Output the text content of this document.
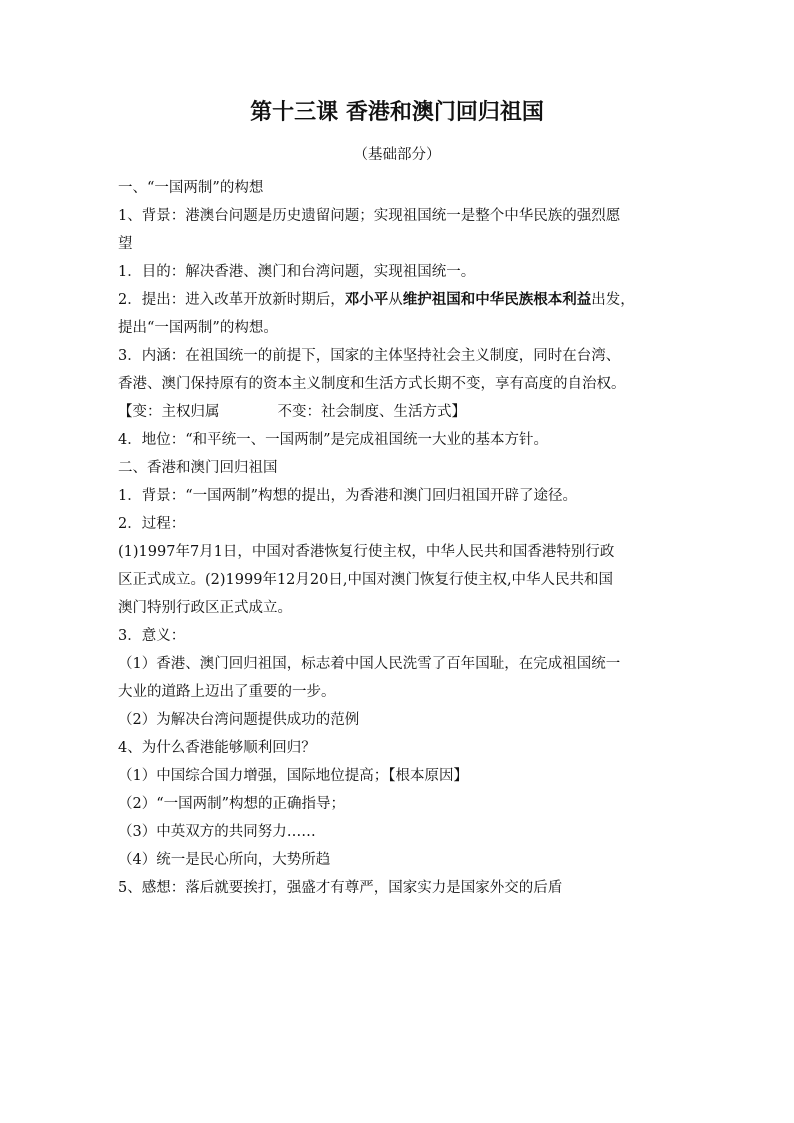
第十三课 香港和澳门回归祖国
（基础部分）
一、“一国两制”的构想
1、背景：港澳台问题是历史遗留问题；实现祖国统一是整个中华民族的强烈愿
望
1．目的：解决香港、澳门和台湾问题，实现祖国统一。
2．提出：进入改革开放新时期后，邓小平从维护祖国和中华民族根本利益出发，
提出“一国两制”的构想。
3．内涵：在祖国统一的前提下，国家的主体坚持社会主义制度，同时在台湾、
香港、澳门保持原有的资本主义制度和生活方式长期不变，享有高度的自治权。
【变：主权归属	不变：社会制度、生活方式】
4．地位：“和平统一、一国两制”是完成祖国统一大业的基本方针。
二、香港和澳门回归祖国
1．背景：“一国两制”构想的提出，为香港和澳门回归祖国开辟了途径。
2．过程：
(1)1997年7月1日，中国对香港恢复行使主权，中华人民共和国香港特别行政
区正式成立。(2)1999年12月20日,中国对澳门恢复行使主权,中华人民共和国
澳门特别行政区正式成立。
3．意义：
（1）香港、澳门回归祖国，标志着中国人民洗雪了百年国耻，在完成祖国统一
大业的道路上迈出了重要的一步。
（2）为解决台湾问题提供成功的范例
4、为什么香港能够顺利回归？
（1）中国综合国力增强，国际地位提高；【根本原因】
（2）“一国两制”构想的正确指导；
（3）中英双方的共同努力……
（4）统一是民心所向，大势所趋
5、感想：落后就要挨打，强盛才有尊严，国家实力是国家外交的后盾
